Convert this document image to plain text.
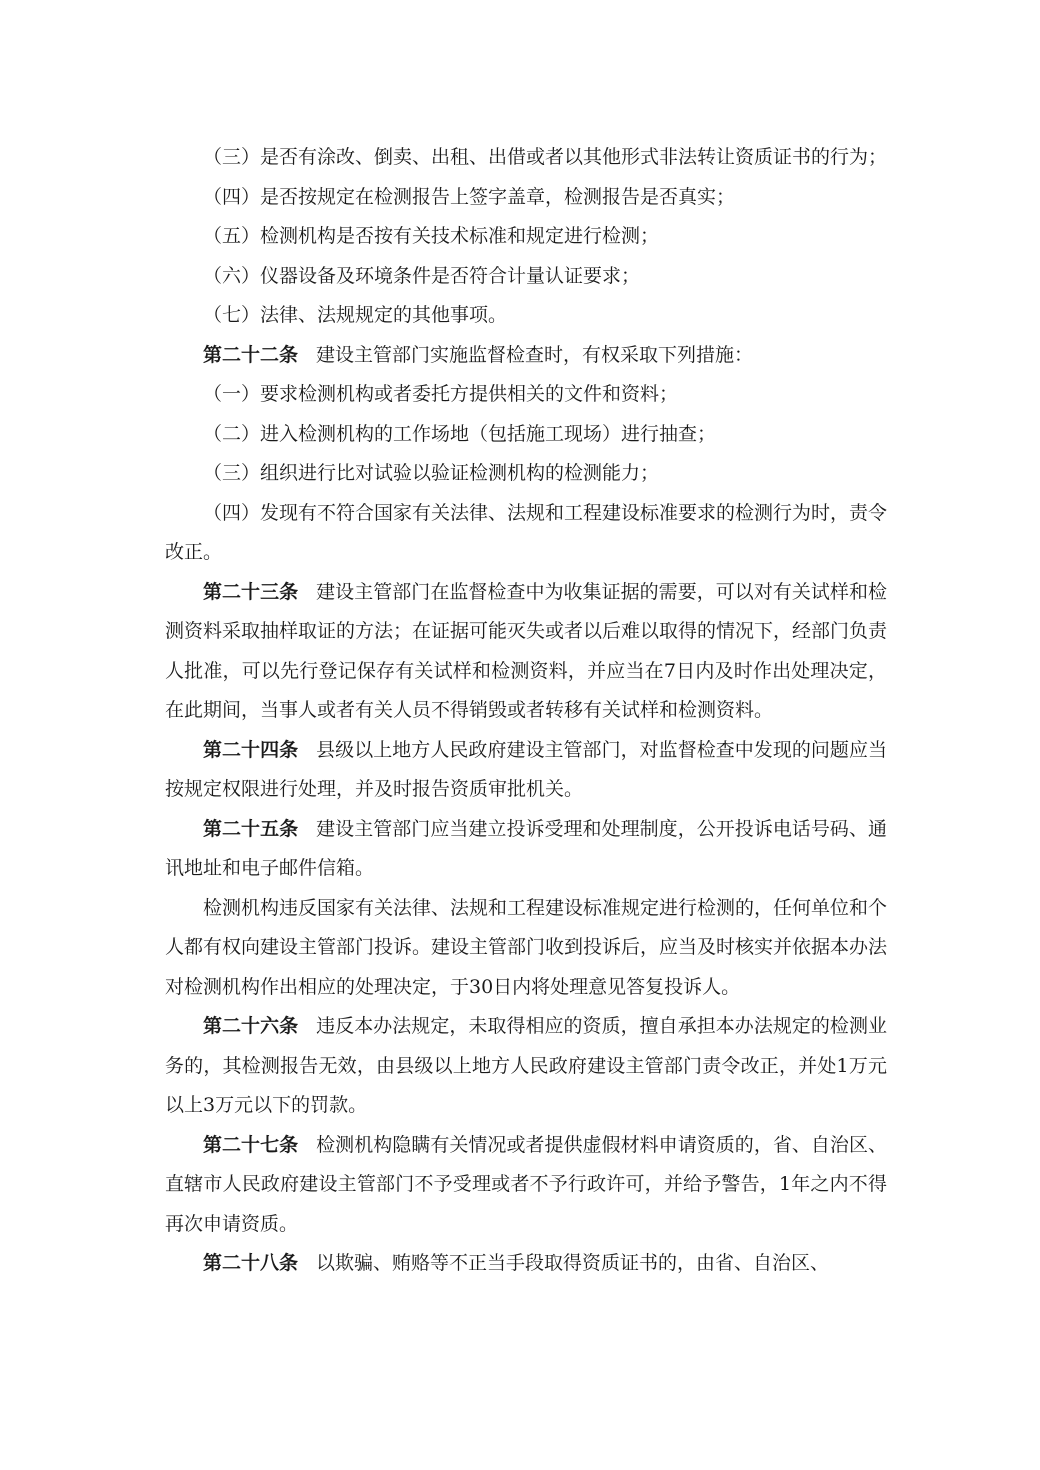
（三）是否有涂改、倒卖、出租、出借或者以其他形式非法转让资质证书的行为；

（四）是否按规定在检测报告上签字盖章，检测报告是否真实；

（五）检测机构是否按有关技术标准和规定进行检测；

（六）仪器设备及环境条件是否符合计量认证要求；

（七）法律、法规规定的其他事项。

第二十二条 建设主管部门实施监督检查时，有权采取下列措施：

（一）要求检测机构或者委托方提供相关的文件和资料；

（二）进入检测机构的工作场地（包括施工现场）进行抽查；

（三）组织进行比对试验以验证检测机构的检测能力；

（四）发现有不符合国家有关法律、法规和工程建设标准要求的检测行为时，责令改正。

第二十三条 建设主管部门在监督检查中为收集证据的需要，可以对有关试样和检测资料采取抽样取证的方法；在证据可能灭失或者以后难以取得的情况下，经部门负责人批准，可以先行登记保存有关试样和检测资料，并应当在7日内及时作出处理决定，在此期间，当事人或者有关人员不得销毁或者转移有关试样和检测资料。

第二十四条 县级以上地方人民政府建设主管部门，对监督检查中发现的问题应当按规定权限进行处理，并及时报告资质审批机关。

第二十五条 建设主管部门应当建立投诉受理和处理制度，公开投诉电话号码、通讯地址和电子邮件信箱。

检测机构违反国家有关法律、法规和工程建设标准规定进行检测的，任何单位和个人都有权向建设主管部门投诉。建设主管部门收到投诉后，应当及时核实并依据本办法对检测机构作出相应的处理决定，于30日内将处理意见答复投诉人。

第二十六条 违反本办法规定，未取得相应的资质，擅自承担本办法规定的检测业务的，其检测报告无效，由县级以上地方人民政府建设主管部门责令改正，并处1万元以上3万元以下的罚款。

第二十七条 检测机构隐瞒有关情况或者提供虚假材料申请资质的，省、自治区、直辖市人民政府建设主管部门不予受理或者不予行政许可，并给予警告，1年之内不得再次申请资质。

第二十八条 以欺骗、贿赂等不正当手段取得资质证书的，由省、自治区、
